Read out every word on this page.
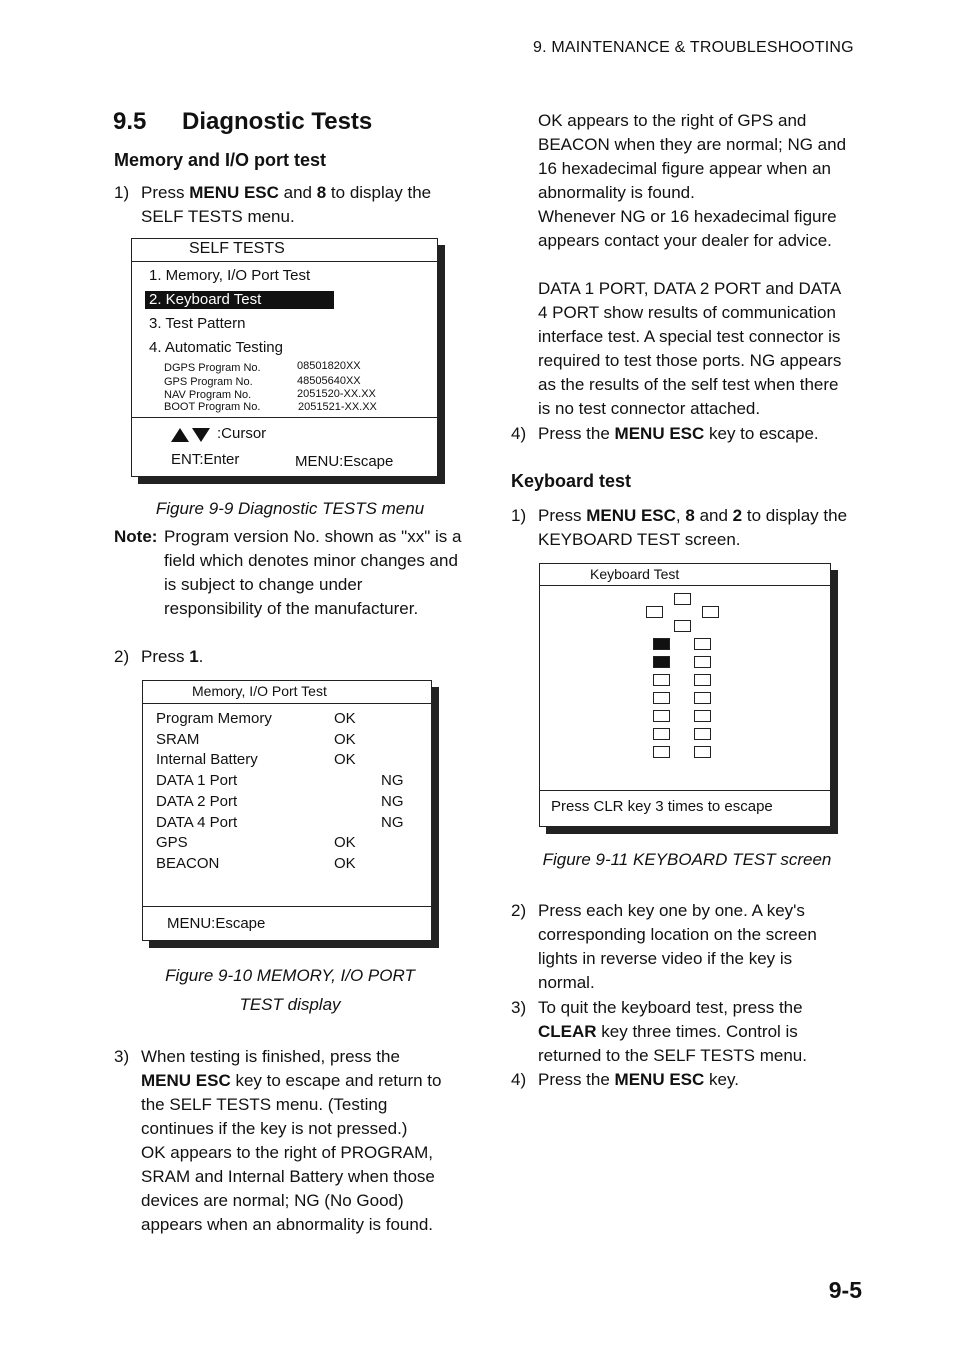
9. MAINTENANCE & TROUBLESHOOTING
9.5 Diagnostic Tests
Memory and I/O port test
1) Press MENU ESC and 8 to display the SELF TESTS menu.
SELF TESTS
1. Memory, I/O Port Test
2. Keyboard Test
3. Test Pattern
4. Automatic Testing
DGPS Program No.	08501820XX
GPS Program No.	48505640XX
NAV Program No.	2051520-XX.XX
BOOT Program No.	2051521-XX.XX
:Cursor
ENT:Enter	MENU:Escape
Figure 9-9 Diagnostic TESTS menu
Note: Program version No. shown as "xx" is a field which denotes minor changes and is subject to change under responsibility of the manufacturer.
2) Press 1.
Memory, I/O Port Test
Program Memory	OK
SRAM	OK
Internal Battery	OK
DATA 1 Port	NG
DATA 2 Port	NG
DATA 4 Port	NG
GPS	OK
BEACON	OK
MENU:Escape
Figure 9-10 MEMORY, I/O PORT
TEST display
3) When testing is finished, press the
MENU ESC key to escape and return to
the SELF TESTS menu. (Testing
continues if the key is not pressed.)
OK appears to the right of PROGRAM,
SRAM and Internal Battery when those
devices are normal; NG (No Good)
appears when an abnormality is found.
OK appears to the right of GPS and
BEACON when they are normal; NG and
16 hexadecimal figure appear when an
abnormality is found.
Whenever NG or 16 hexadecimal figure
appears contact your dealer for advice.
DATA 1 PORT, DATA 2 PORT and DATA
4 PORT show results of communication
interface test. A special test connector is
required to test those ports. NG appears
as the results of the self test when there
is no test connector attached.
4) Press the MENU ESC key to escape.
Keyboard test
1) Press MENU ESC, 8 and 2 to display the
KEYBOARD TEST screen.
Keyboard Test
Press CLR key 3 times to escape
Figure 9-11 KEYBOARD TEST screen
2) Press each key one by one. A key's
corresponding location on the screen
lights in reverse video if the key is
normal.
3) To quit the keyboard test, press the
CLEAR key three times. Control is
returned to the SELF TESTS menu.
4) Press the MENU ESC key.
9-5
